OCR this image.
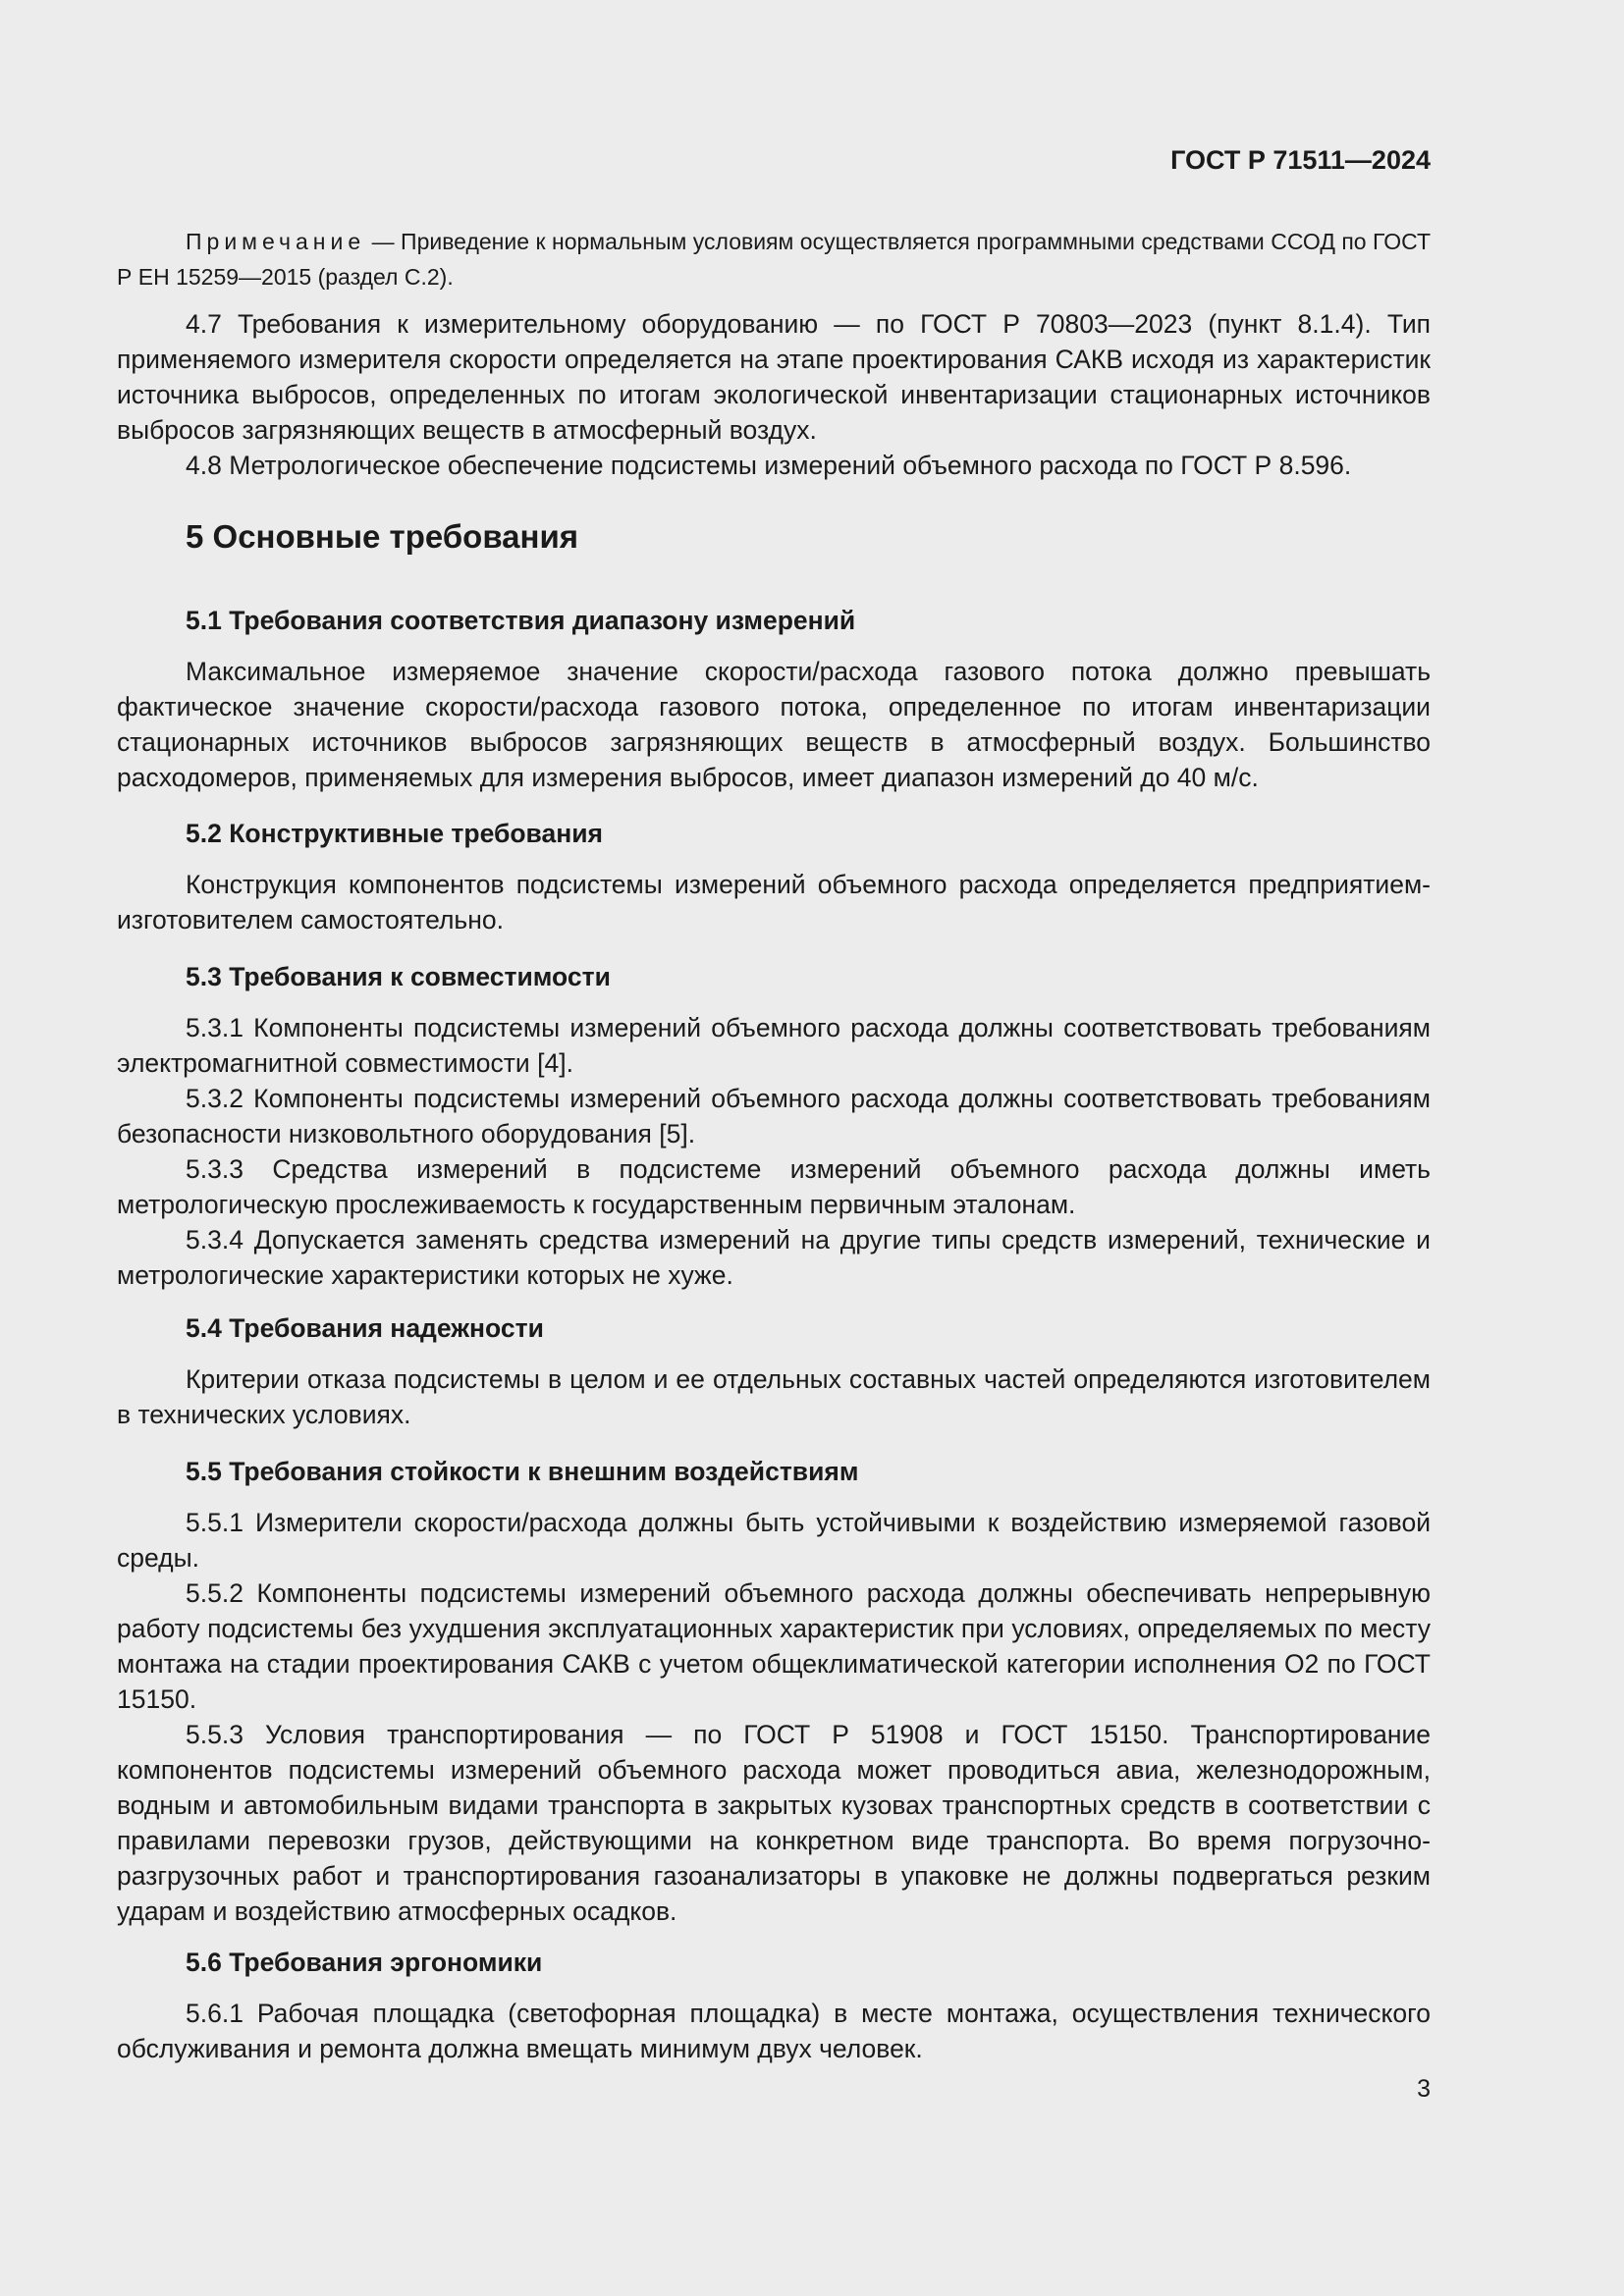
ГОСТ Р 71511—2024
Примечание — Приведение к нормальным условиям осуществляется программными средствами ССОД по ГОСТ Р ЕН 15259—2015 (раздел С.2).

4.7 Требования к измерительному оборудованию — по ГОСТ Р 70803—2023 (пункт 8.1.4). Тип применяемого измерителя скорости определяется на этапе проектирования САКВ исходя из характеристик источника выбросов, определенных по итогам экологической инвентаризации стационарных источников выбросов загрязняющих веществ в атмосферный воздух.

4.8 Метрологическое обеспечение подсистемы измерений объемного расхода по ГОСТ Р 8.596.

5 Основные требования
5.1 Требования соответствия диапазону измерений

Максимальное измеряемое значение скорости/расхода газового потока должно превышать фактическое значение скорости/расхода газового потока, определенное по итогам инвентаризации стационарных источников выбросов загрязняющих веществ в атмосферный воздух. Большинство расходомеров, применяемых для измерения выбросов, имеет диапазон измерений до 40 м/с.

5.2 Конструктивные требования

Конструкция компонентов подсистемы измерений объемного расхода определяется предприятием-изготовителем самостоятельно.

5.3 Требования к совместимости

5.3.1 Компоненты подсистемы измерений объемного расхода должны соответствовать требованиям электромагнитной совместимости [4].

5.3.2 Компоненты подсистемы измерений объемного расхода должны соответствовать требованиям безопасности низковольтного оборудования [5].

5.3.3 Средства измерений в подсистеме измерений объемного расхода должны иметь метрологическую прослеживаемость к государственным первичным эталонам.

5.3.4 Допускается заменять средства измерений на другие типы средств измерений, технические и метрологические характеристики которых не хуже.

5.4 Требования надежности

Критерии отказа подсистемы в целом и ее отдельных составных частей определяются изготовителем в технических условиях.

5.5 Требования стойкости к внешним воздействиям

5.5.1 Измерители скорости/расхода должны быть устойчивыми к воздействию измеряемой газовой среды.

5.5.2 Компоненты подсистемы измерений объемного расхода должны обеспечивать непрерывную работу подсистемы без ухудшения эксплуатационных характеристик при условиях, определяемых по месту монтажа на стадии проектирования САКВ с учетом общеклиматической категории исполнения О2 по ГОСТ 15150.

5.5.3 Условия транспортирования — по ГОСТ Р 51908 и ГОСТ 15150. Транспортирование компонентов подсистемы измерений объемного расхода может проводиться авиа, железнодорожным, водным и автомобильным видами транспорта в закрытых кузовах транспортных средств в соответствии с правилами перевозки грузов, действующими на конкретном виде транспорта. Во время погрузочно-разгрузочных работ и транспортирования газоанализаторы в упаковке не должны подвергаться резким ударам и воздействию атмосферных осадков.

5.6 Требования эргономики

5.6.1 Рабочая площадка (светофорная площадка) в месте монтажа, осуществления технического обслуживания и ремонта должна вмещать минимум двух человек.

3
